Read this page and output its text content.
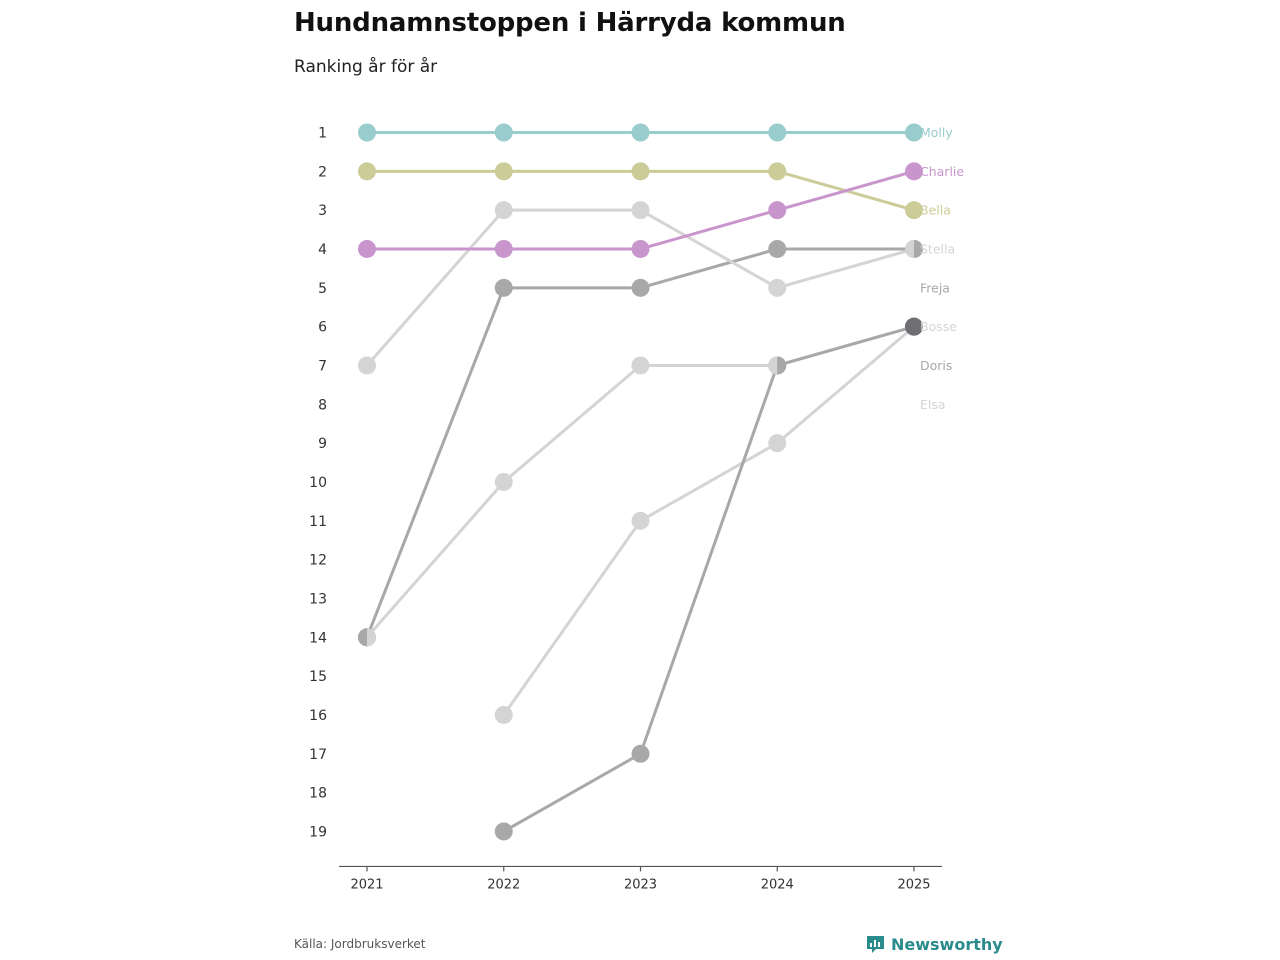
Hundnamnstoppen i Härryda kommun
Ranking år för år
1
2
3
4
5
6
7
8
9
10
11
12
13
14
15
16
17
18
19
2021	2022	2023	2024	2025
Molly
Charlie
Bella
Stella
Freja
Bosse
Doris
Elsa
Källa: Jordbruksverket	Newsworthy
